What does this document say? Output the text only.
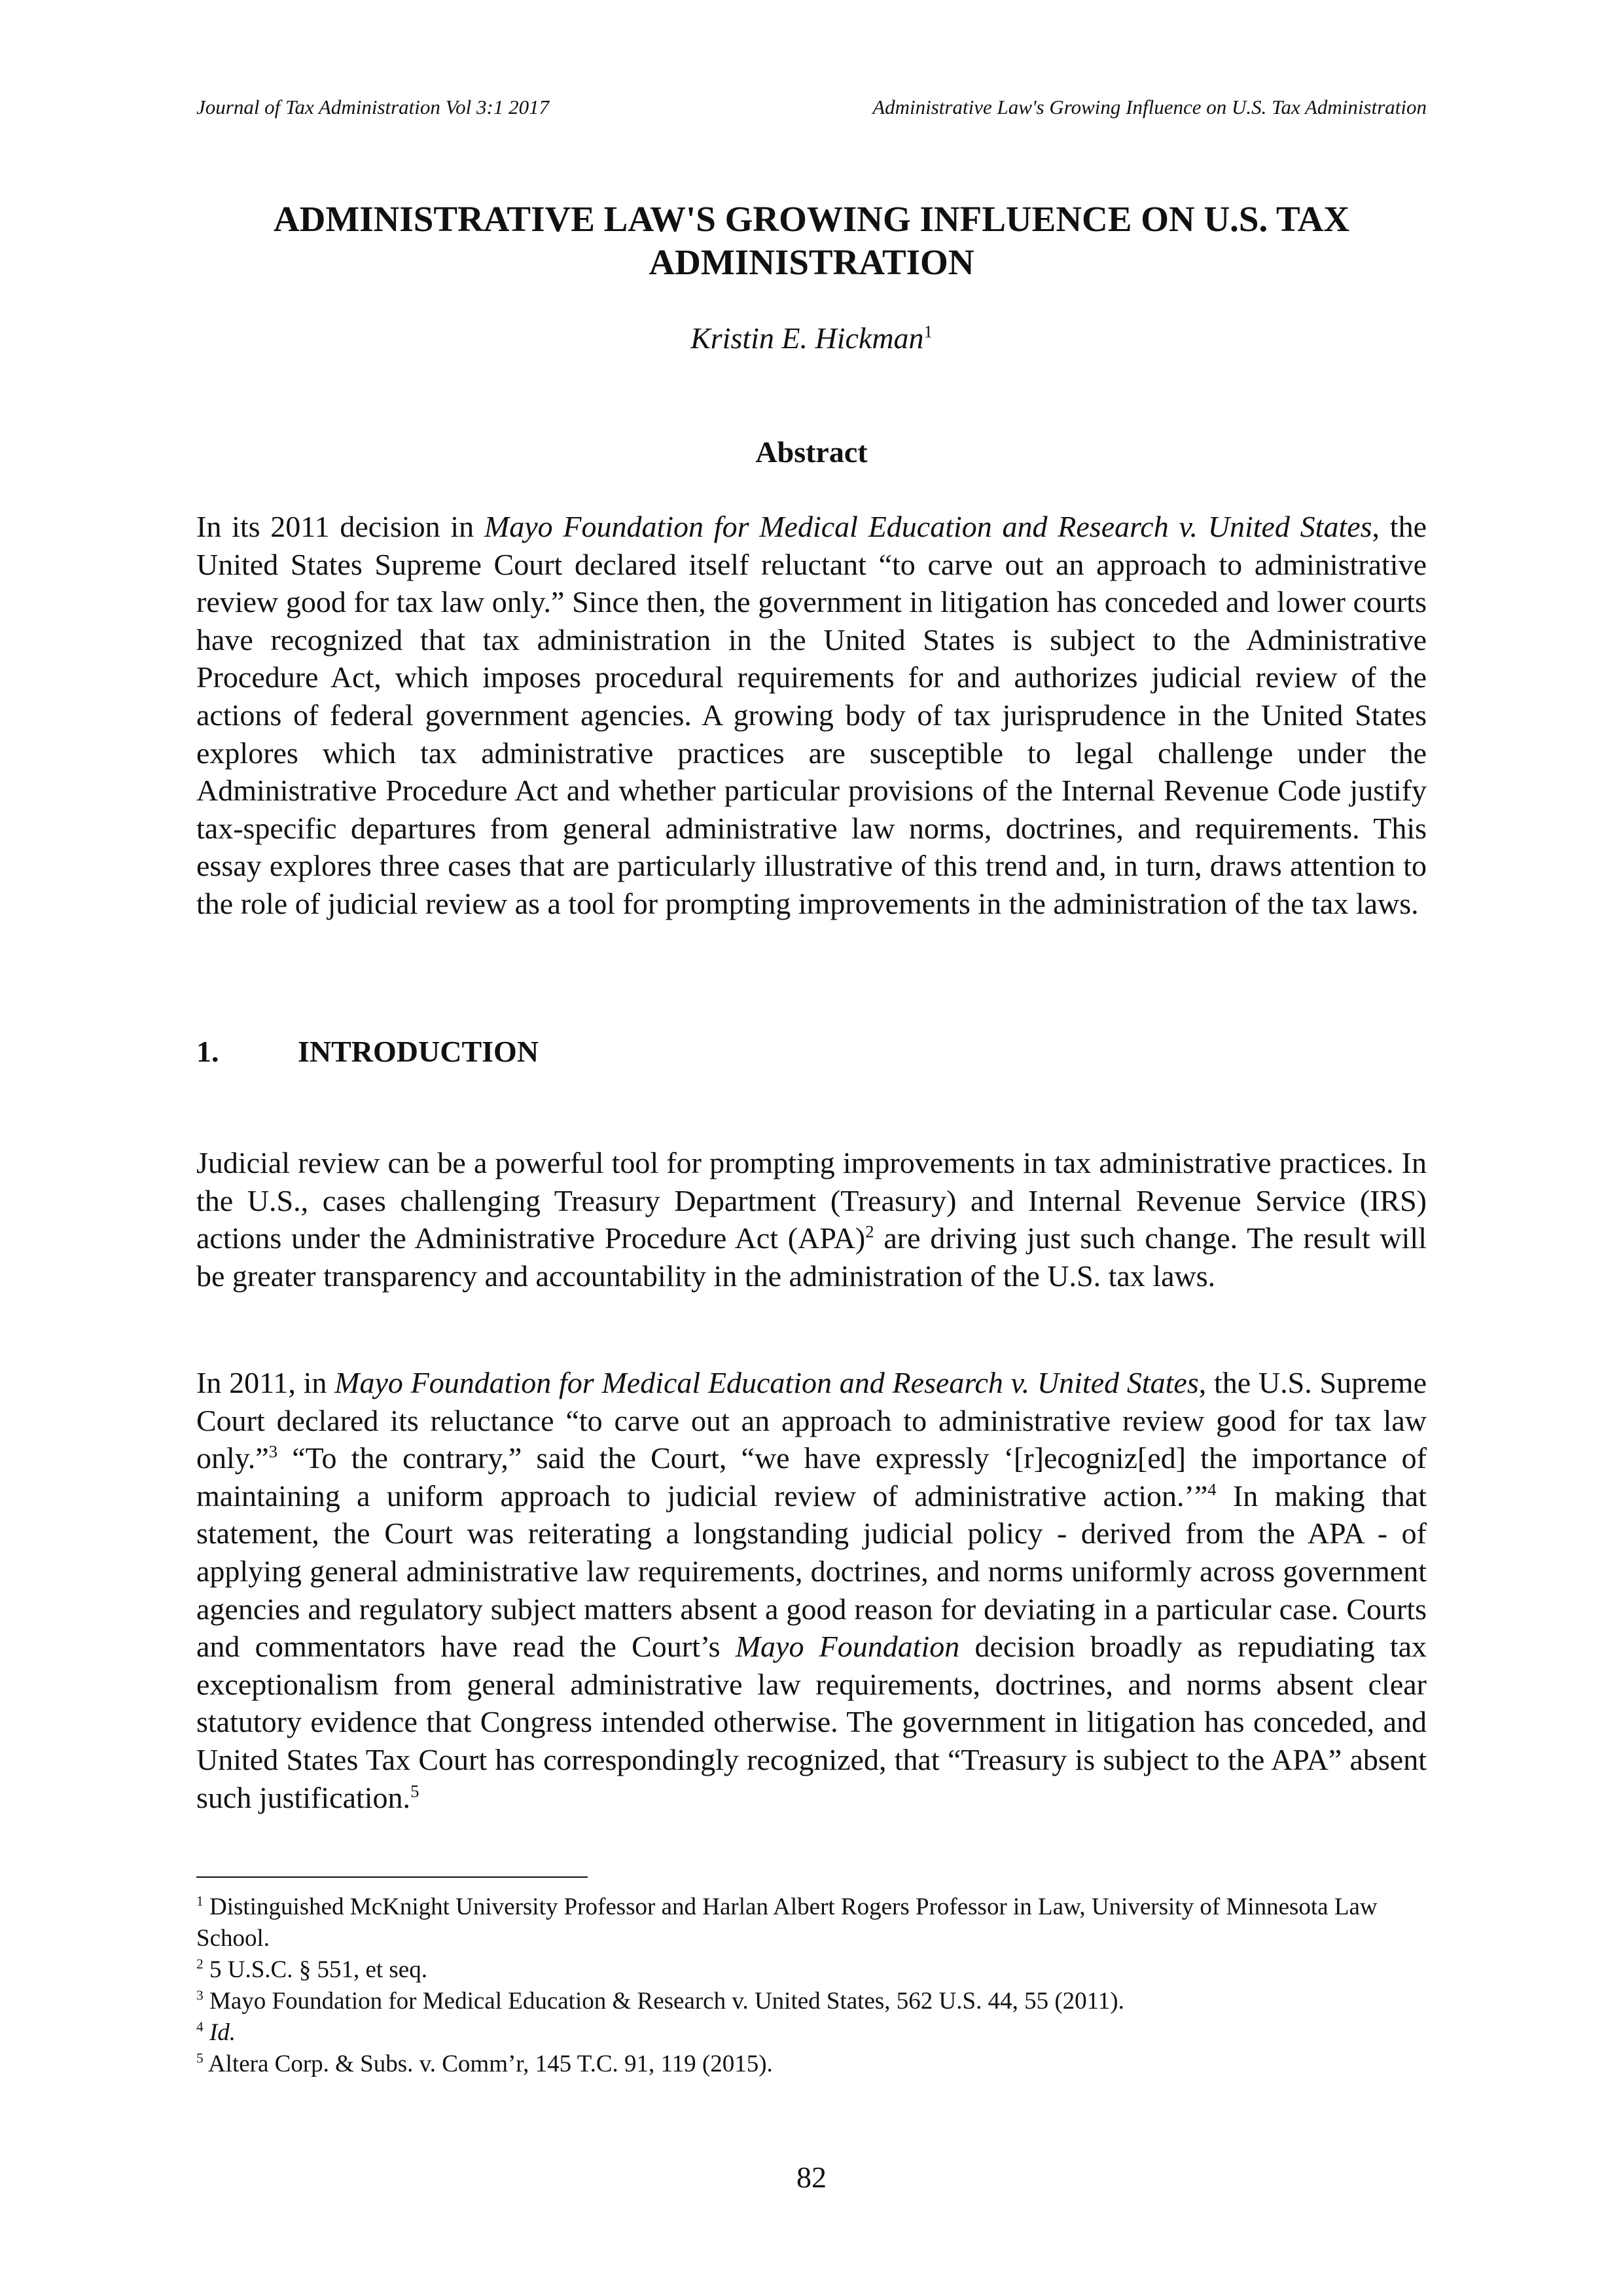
Journal of Tax Administration Vol 3:1 2017	Administrative Law's Growing Influence on U.S. Tax Administration
ADMINISTRATIVE LAW'S GROWING INFLUENCE ON U.S. TAX
ADMINISTRATION
Kristin E. Hickman$^1$
Abstract

In its 2011 decision in Mayo Foundation for Medical Education and Research v. United States, the United States Supreme Court declared itself reluctant “to carve out an approach to administrative review good for tax law only.” Since then, the government in litigation has conceded and lower courts have recognized that tax administration in the United States is subject to the Administrative Procedure Act, which imposes procedural requirements for and authorizes judicial review of the actions of federal government agencies. A growing body of tax jurisprudence in the United States explores which tax administrative practices are susceptible to legal challenge under the Administrative Procedure Act and whether particular provisions of the Internal Revenue Code justify tax-specific departures from general administrative law norms, doctrines, and requirements. This essay explores three cases that are particularly illustrative of this trend and, in turn, draws attention to the role of judicial review as a tool for prompting improvements in the administration of the tax laws.

1.	INTRODUCTION

Judicial review can be a powerful tool for prompting improvements in tax administrative practices. In the U.S., cases challenging Treasury Department (Treasury) and Internal Revenue Service (IRS) actions under the Administrative Procedure Act (APA)$^2$ are driving just such change. The result will be greater transparency and accountability in the administration of the U.S. tax laws.

In 2011, in Mayo Foundation for Medical Education and Research v. United States, the U.S. Supreme Court declared its reluctance “to carve out an approach to administrative review good for tax law only.”$^3$ “To the contrary,” said the Court, “we have expressly ‘[r]ecogniz[ed] the importance of maintaining a uniform approach to judicial review of administrative action.’”$^4$ In making that statement, the Court was reiterating a longstanding judicial policy - derived from the APA - of applying general administrative law requirements, doctrines, and norms uniformly across government agencies and regulatory subject matters absent a good reason for deviating in a particular case. Courts and commentators have read the Court’s Mayo Foundation decision broadly as repudiating tax exceptionalism from general administrative law requirements, doctrines, and norms absent clear statutory evidence that Congress intended otherwise. The government in litigation has conceded, and United States Tax Court has correspondingly recognized, that “Treasury is subject to the APA” absent such justification.$^5$

$^1$ Distinguished McKnight University Professor and Harlan Albert Rogers Professor in Law, University of Minnesota Law School.

$^2$ 5 U.S.C. § 551, et seq.

$^3$ Mayo Foundation for Medical Education & Research v. United States, 562 U.S. 44, 55 (2011).

$^4$ Id.

$^5$ Altera Corp. & Subs. v. Comm’r, 145 T.C. 91, 119 (2015).

82
